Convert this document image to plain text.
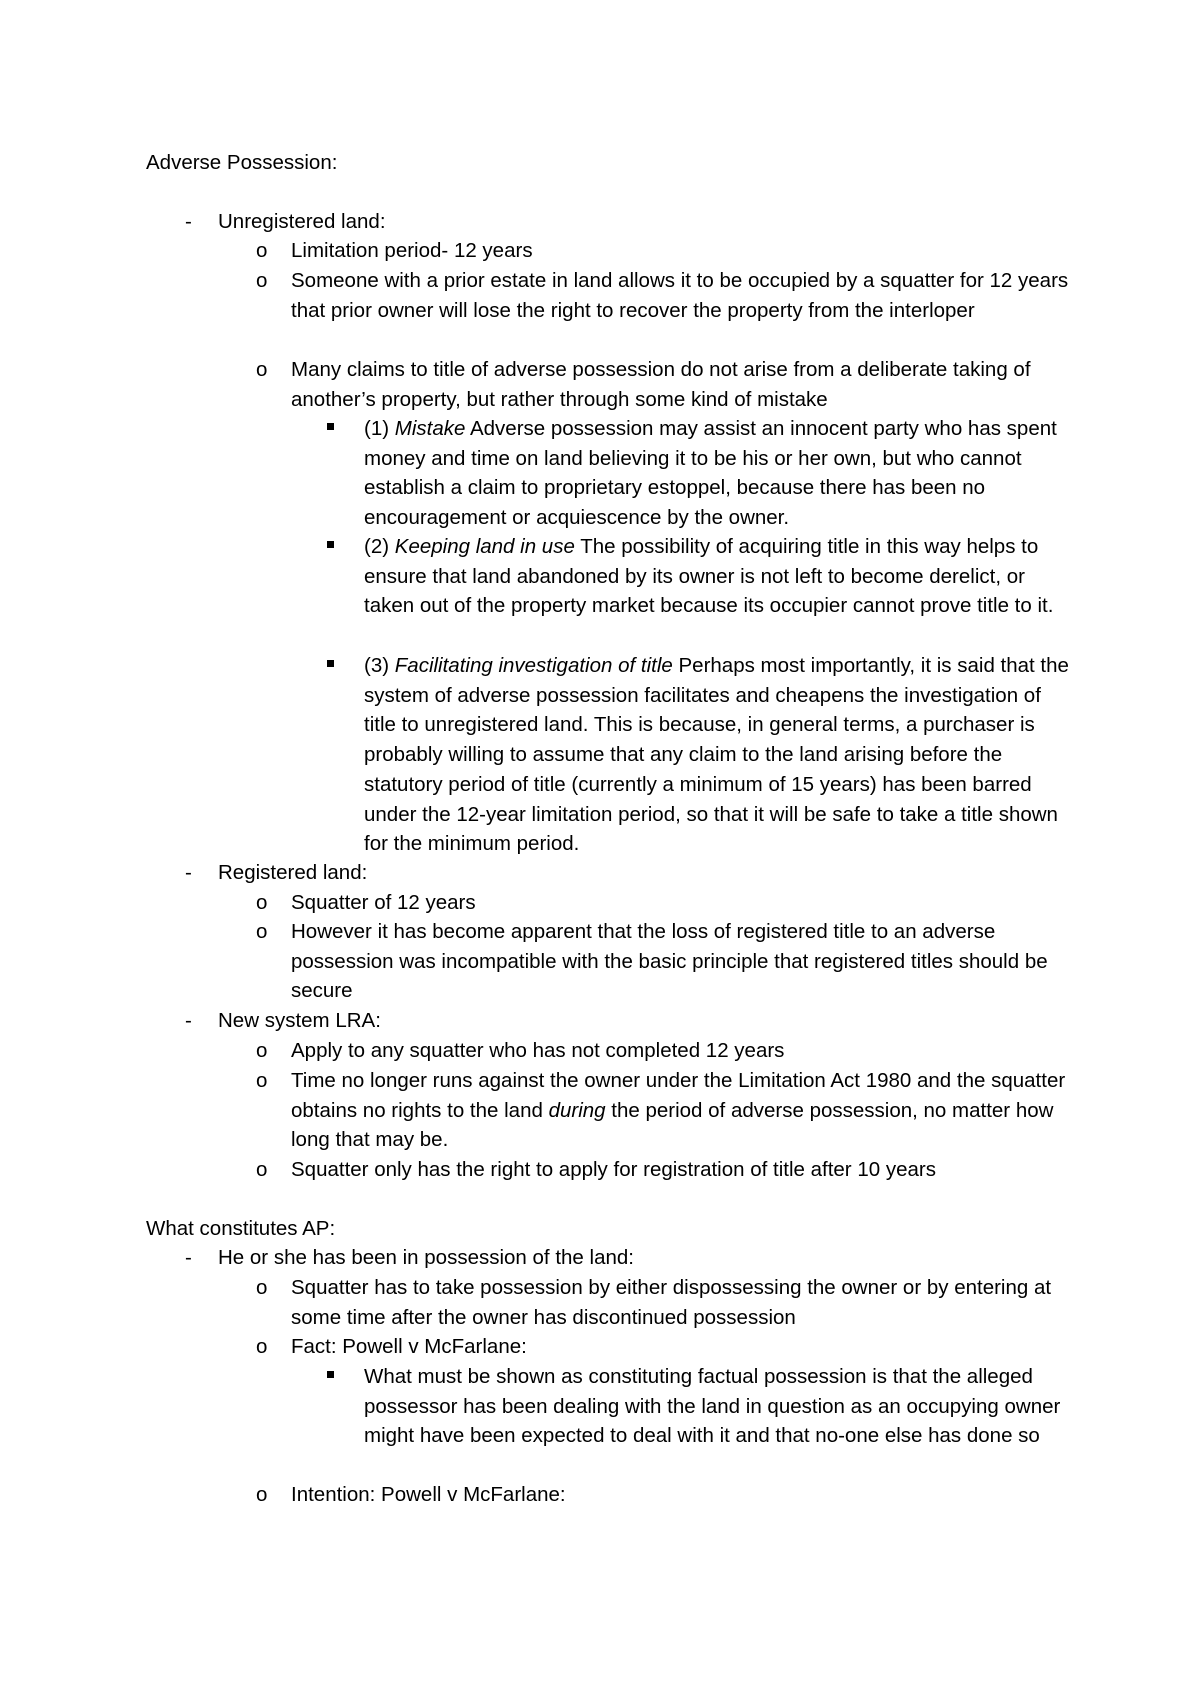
Adverse Possession:
- Unregistered land:
o Limitation period- 12 years
o Someone with a prior estate in land allows it to be occupied by a squatter for 12 years that prior owner will lose the right to recover the property from the interloper
o Many claims to title of adverse possession do not arise from a deliberate taking of another’s property, but rather through some kind of mistake
(1) Mistake Adverse possession may assist an innocent party who has spent money and time on land believing it to be his or her own, but who cannot establish a claim to proprietary estoppel, because there has been no encouragement or acquiescence by the owner.
(2) Keeping land in use The possibility of acquiring title in this way helps to ensure that land abandoned by its owner is not left to become derelict, or taken out of the property market because its occupier cannot prove title to it.
(3) Facilitating investigation of title Perhaps most importantly, it is said that the system of adverse possession facilitates and cheapens the investigation of title to unregistered land. This is because, in general terms, a purchaser is probably willing to assume that any claim to the land arising before the statutory period of title (currently a minimum of 15 years) has been barred under the 12-year limitation period, so that it will be safe to take a title shown for the minimum period.
- Registered land:
o Squatter of 12 years
o However it has become apparent that the loss of registered title to an adverse possession was incompatible with the basic principle that registered titles should be secure
- New system LRA:
o Apply to any squatter who has not completed 12 years
o Time no longer runs against the owner under the Limitation Act 1980 and the squatter obtains no rights to the land during the period of adverse possession, no matter how long that may be.
o Squatter only has the right to apply for registration of title after 10 years
What constitutes AP:
- He or she has been in possession of the land:
o Squatter has to take possession by either dispossessing the owner or by entering at some time after the owner has discontinued possession
o Fact: Powell v McFarlane:
What must be shown as constituting factual possession is that the alleged possessor has been dealing with the land in question as an occupying owner might have been expected to deal with it and that no-one else has done so
o Intention: Powell v McFarlane:
